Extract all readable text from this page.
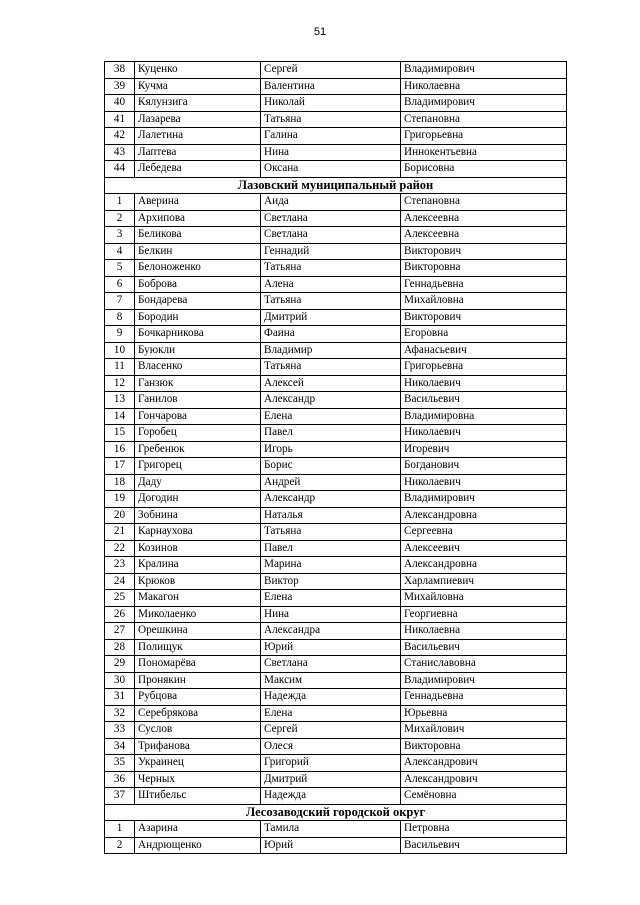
51
38	Куценко	Сергей	Владимирович
39	Кучма	Валентина	Николаевна
40	Кялунзига	Николай	Владимирович
41	Лазарева	Татьяна	Степановна
42	Лалетина	Галина	Григорьевна
43	Лаптева	Нина	Иннокентьевна
44	Лебедева	Оксана	Борисовна
Лазовский муниципальный район			
1	Аверина	Аида	Степановна
2	Архипова	Светлана	Алексеевна
3	Беликова	Светлана	Алексеевна
4	Белкин	Геннадий	Викторович
5	Белоноженко	Татьяна	Викторовна
6	Боброва	Алена	Геннадьевна
7	Бондарева	Татьяна	Михайловна
8	Бородин	Дмитрий	Викторович
9	Бочкарникова	Фаина	Егоровна
10	Буюкли	Владимир	Афанасьевич
11	Власенко	Татьяна	Григорьевна
12	Ганзюк	Алексей	Николаевич
13	Ганилов	Александр	Васильевич
14	Гончарова	Елена	Владимировна
15	Горобец	Павел	Николаевич
16	Гребенюк	Игорь	Игоревич
17	Григорец	Борис	Богданович
18	Даду	Андрей	Николаевич
19	Догодин	Александр	Владимирович
20	Зобнина	Наталья	Александровна
21	Карнаухова	Татьяна	Сергеевна
22	Козинов	Павел	Алексеевич
23	Кралина	Марина	Александровна
24	Крюков	Виктор	Харлампиевич
25	Макагон	Елена	Михайловна
26	Миколаенко	Нина	Георгиевна
27	Орешкина	Александра	Николаевна
28	Полищук	Юрий	Васильевич
29	Пономарёва	Светлана	Станиславовна
30	Пронякин	Максим	Владимирович
31	Рубцова	Надежда	Геннадьевна
32	Серебрякова	Елена	Юрьевна
33	Суслов	Сергей	Михайлович
34	Трифанова	Олеся	Викторовна
35	Украинец	Григорий	Александрович
36	Черных	Дмитрий	Александрович
37	Штибельс	Надежда	Семёновна
Лесозаводский городской округ			
1	Азарина	Тамила	Петровна
2	Андрющенко	Юрий	Васильевич
